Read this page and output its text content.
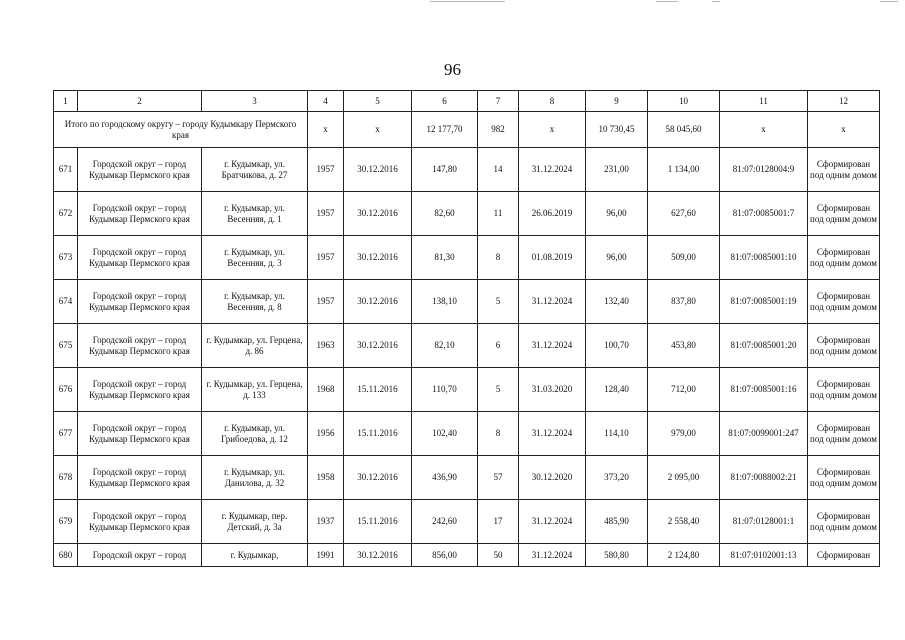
96
1	2	3	4	5	6	7	8	9	10	11	12
Итого по городскому округу – городу Кудымкару Пермского края			x	x	12 177,70	982	x	10 730,45	58 045,60	x	x
671	Городской округ – город Кудымкар Пермского края	г. Кудымкар, ул. Братчикова, д. 27	1957	30.12.2016	147,80	14	31.12.2024	231,00	1 134,00	81:07:0128004:9	Сформирован под одним домом
672	Городской округ – город Кудымкар Пермского края	г. Кудымкар, ул. Весенняя, д. 1	1957	30.12.2016	82,60	11	26.06.2019	96,00	627,60	81:07:0085001:7	Сформирован под одним домом
673	Городской округ – город Кудымкар Пермского края	г. Кудымкар, ул. Весенняя, д. 3	1957	30.12.2016	81,30	8	01.08.2019	96,00	509,00	81:07:0085001:10	Сформирован под одним домом
674	Городской округ – город Кудымкар Пермского края	г. Кудымкар, ул. Весенняя, д. 8	1957	30.12.2016	138,10	5	31.12.2024	132,40	837,80	81:07:0085001:19	Сформирован под одним домом
675	Городской округ – город Кудымкар Пермского края	г. Кудымкар, ул. Герцена, д. 86	1963	30.12.2016	82,10	6	31.12.2024	100,70	453,80	81:07:0085001:20	Сформирован под одним домом
676	Городской округ – город Кудымкар Пермского края	г. Кудымкар, ул. Герцена, д. 133	1968	15.11.2016	110,70	5	31.03.2020	128,40	712,00	81:07:0085001:16	Сформирован под одним домом
677	Городской округ – город Кудымкар Пермского края	г. Кудымкар, ул. Грибоедова, д. 12	1956	15.11.2016	102,40	8	31.12.2024	114,10	979,00	81:07:0099001:247	Сформирован под одним домом
678	Городской округ – город Кудымкар Пермского края	г. Кудымкар, ул. Данилова, д. 32	1958	30.12.2016	436,90	57	30.12.2020	373,20	2 095,00	81:07:0088002:21	Сформирован под одним домом
679	Городской округ – город Кудымкар Пермского края	г. Кудымкар, пер. Детский, д. 3а	1937	15.11.2016	242,60	17	31.12.2024	485,90	2 558,40	81:07:0128001:1	Сформирован под одним домом
680	Городской округ – город	г. Кудымкар,	1991	30.12.2016	856,00	50	31.12.2024	580,80	2 124,80	81:07:0102001:13	Сформирован
